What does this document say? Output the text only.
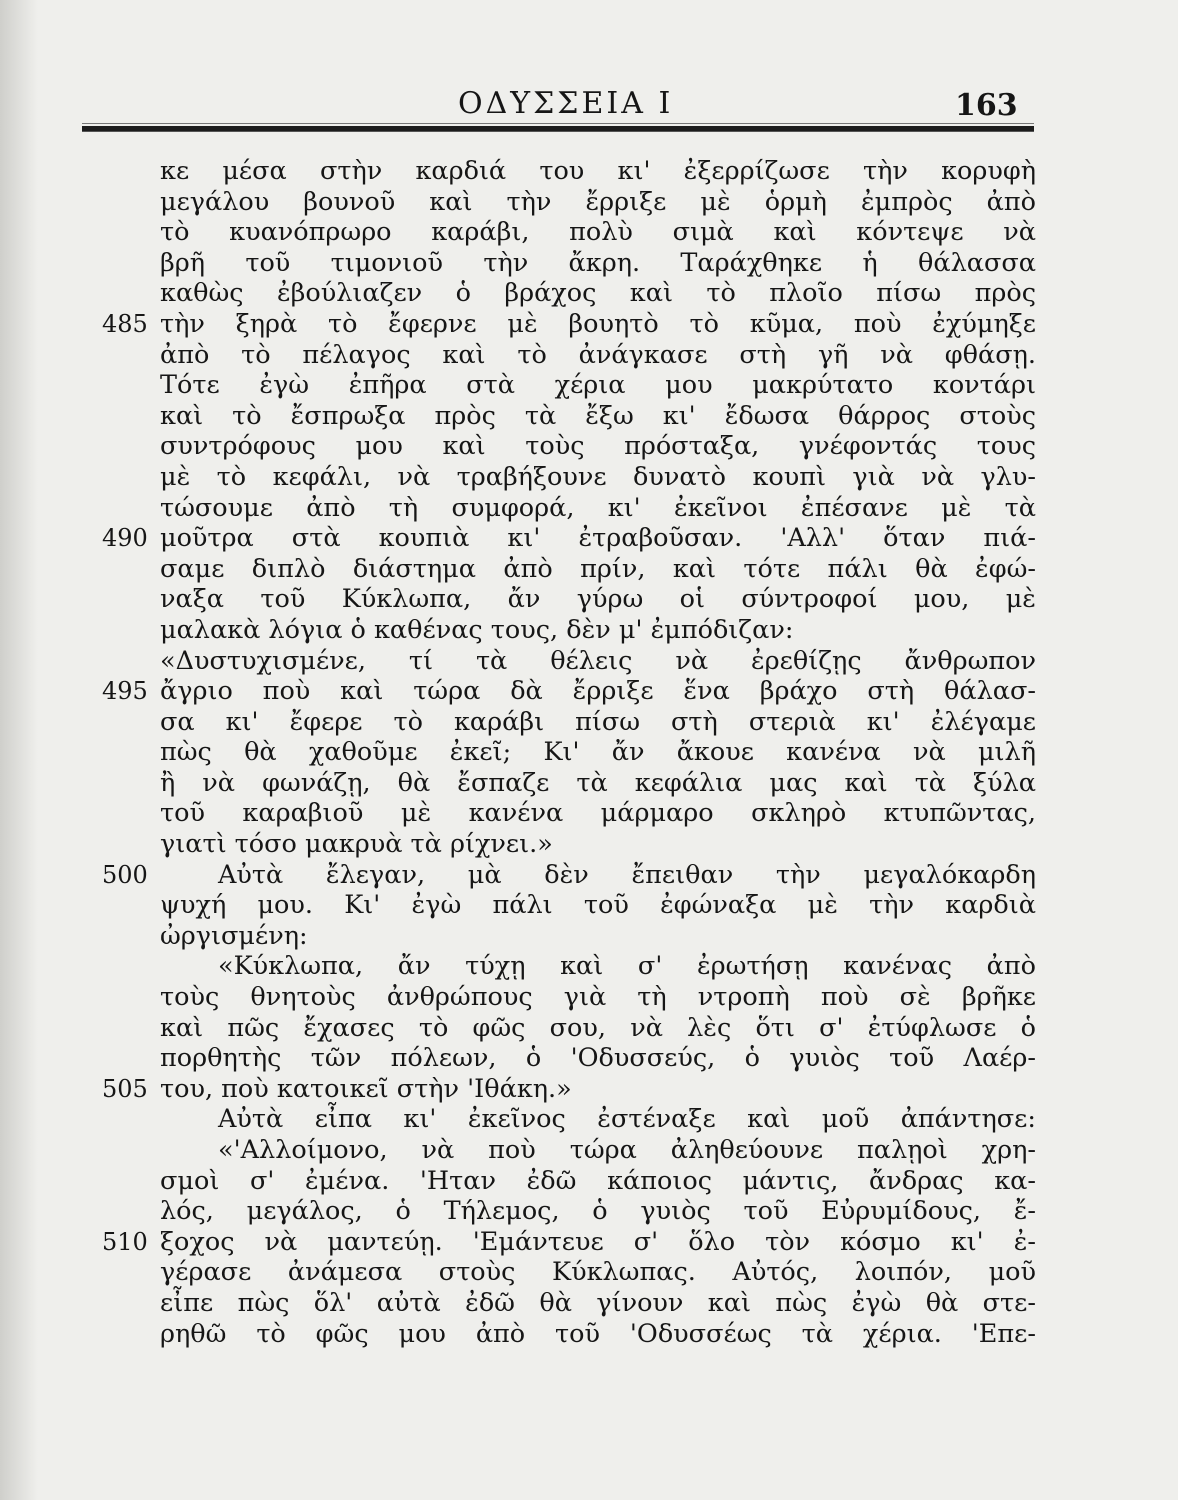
ΟΔΥΣΣΕΙΑ Ι	163
κε μέσα στὴν καρδιά του κι' ἐξερρίζωσε τὴν κορυφὴ
μεγάλου βουνοῦ καὶ τὴν ἔρριξε μὲ ὁρμὴ ἐμπρὸς ἀπὸ
τὸ κυανόπρωρο καράβι, πολὺ σιμὰ καὶ κόντεψε νὰ
βρῆ τοῦ τιμονιοῦ τὴν ἄκρη. Ταράχθηκε ἡ θάλασσα
καθὼς ἐβούλιαζεν ὁ βράχος καὶ τὸ πλοῖο πίσω πρὸς
τὴν ξηρὰ τὸ ἔφερνε μὲ βουητὸ τὸ κῦμα, ποὺ ἐχύμηξε
485
ἀπὸ τὸ πέλαγος καὶ τὸ ἀνάγκασε στὴ γῆ νὰ φθάσῃ.
Τότε ἐγὼ ἐπῆρα στὰ χέρια μου μακρύτατο κοντάρι
καὶ τὸ ἔσπρωξα πρὸς τὰ ἔξω κι' ἔδωσα θάρρος στοὺς
συντρόφους μου καὶ τοὺς πρόσταξα, γνέφοντάς τους
μὲ τὸ κεφάλι, νὰ τραβήξουνε δυνατὸ κουπὶ γιὰ νὰ γλυ-
τώσουμε ἀπὸ τὴ συμφορά, κι' ἐκεῖνοι ἐπέσανε μὲ τὰ
μοῦτρα στὰ κουπιὰ κι' ἐτραβοῦσαν. 'Αλλ' ὅταν πιά-
490
σαμε διπλὸ διάστημα ἀπὸ πρίν, καὶ τότε πάλι θὰ ἐφώ-
ναξα τοῦ Κύκλωπα, ἄν γύρω οἱ σύντροφοί μου, μὲ
μαλακὰ λόγια ὁ καθένας τους, δὲν μ' ἐμπόδιζαν:
«Δυστυχισμένε, τί τὰ θέλεις νὰ ἐρεθίζῃς ἄνθρωπον
ἄγριο ποὺ καὶ τώρα δὰ ἔρριξε ἕνα βράχο στὴ θάλασ-
495
σα κι' ἔφερε τὸ καράβι πίσω στὴ στεριὰ κι' ἐλέγαμε
πὼς θὰ χαθοῦμε ἐκεῖ; Κι' ἄν ἄκουε κανένα νὰ μιλῆ
ἢ νὰ φωνάζῃ, θὰ ἔσπαζε τὰ κεφάλια μας καὶ τὰ ξύλα
τοῦ καραβιοῦ μὲ κανένα μάρμαρο σκληρὸ κτυπῶντας,
γιατὶ τόσο μακρυὰ τὰ ρίχνει.»
Αὐτὰ ἔλεγαν, μὰ δὲν ἔπειθαν τὴν μεγαλόκαρδη
500
ψυχή μου. Κι' ἐγὼ πάλι τοῦ ἐφώναξα μὲ τὴν καρδιὰ
ὠργισμένη:
«Κύκλωπα, ἄν τύχῃ καὶ σ' ἐρωτήσῃ κανένας ἀπὸ
τοὺς θνητοὺς ἀνθρώπους γιὰ τὴ ντροπὴ ποὺ σὲ βρῆκε
καὶ πῶς ἔχασες τὸ φῶς σου, νὰ λὲς ὅτι σ' ἐτύφλωσε ὁ
πορθητὴς τῶν πόλεων, ὁ 'Οδυσσεύς, ὁ γυιὸς τοῦ Λαέρ-
του, ποὺ κατοικεῖ στὴν 'Ιθάκη.»
505
Αὐτὰ εἶπα κι' ἐκεῖνος ἐστέναξε καὶ μοῦ ἀπάντησε:
«'Αλλοίμονο, νὰ ποὺ τώρα ἀληθεύουνε παλῃοὶ χρη-
σμοὶ σ' ἐμένα. 'Ηταν ἐδῶ κάποιος μάντις, ἄνδρας κα-
λός, μεγάλος, ὁ Τήλεμος, ὁ γυιὸς τοῦ Εὐρυμίδους, ἔ-
ξοχος νὰ μαντεύῃ. 'Εμάντευε σ' ὅλο τὸν κόσμο κι' ἐ-
510
γέρασε ἀνάμεσα στοὺς Κύκλωπας. Αὐτός, λοιπόν, μοῦ
εἶπε πὼς ὅλ' αὐτὰ ἐδῶ θὰ γίνουν καὶ πὼς ἐγὼ θὰ στε-
ρηθῶ τὸ φῶς μου ἀπὸ τοῦ 'Οδυσσέως τὰ χέρια. 'Επε-
